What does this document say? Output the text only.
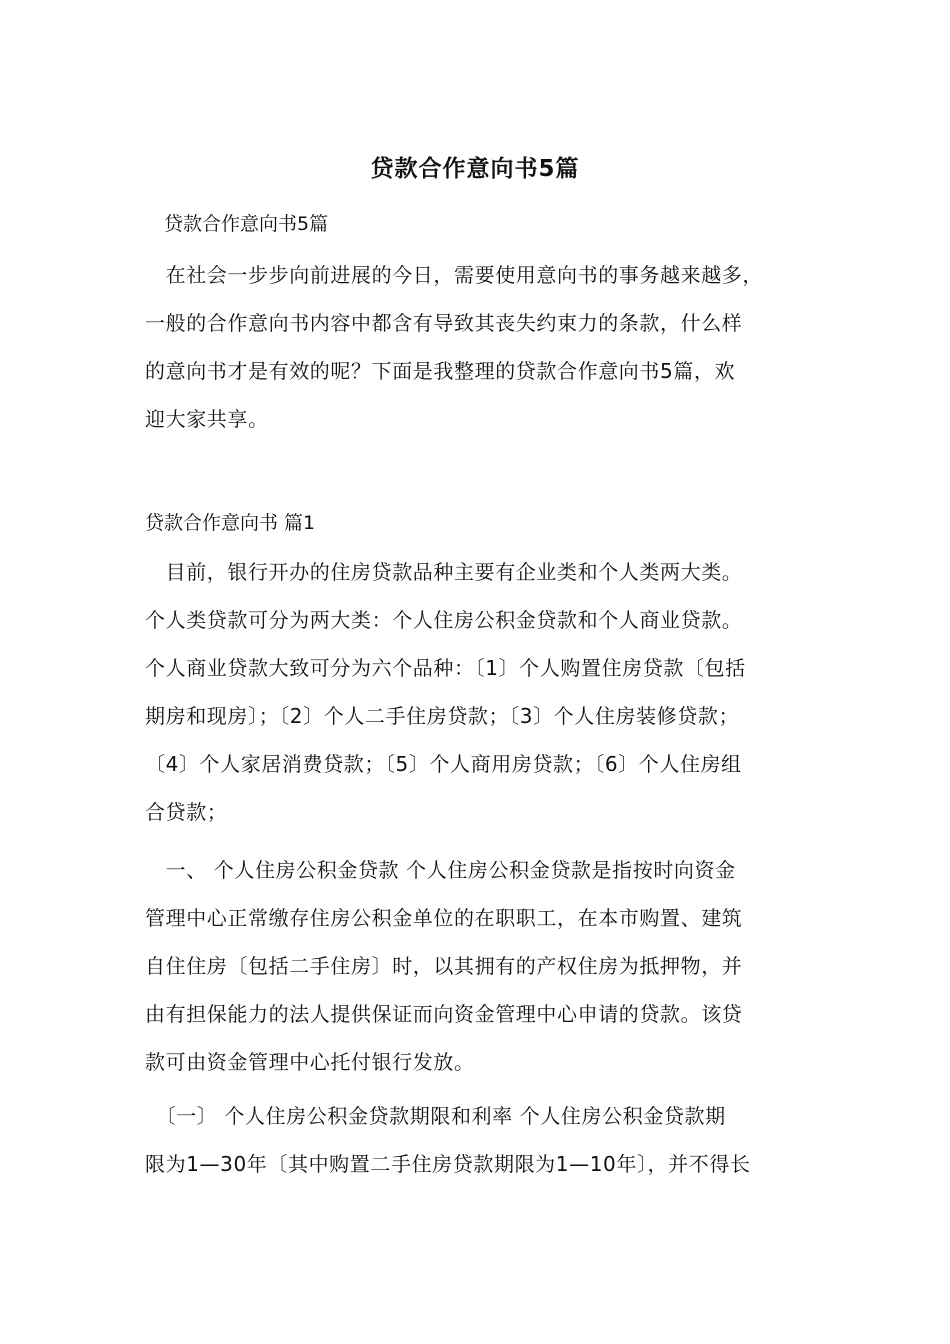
贷款合作意向书5篇
贷款合作意向书5篇
　在社会一步步向前进展的今日，需要使用意向书的事务越来越多，
一般的合作意向书内容中都含有导致其丧失约束力的条款，什么样
的意向书才是有效的呢？下面是我整理的贷款合作意向书5篇，欢
迎大家共享。
贷款合作意向书 篇1
　目前，银行开办的住房贷款品种主要有企业类和个人类两大类。
个人类贷款可分为两大类：个人住房公积金贷款和个人商业贷款。
个人商业贷款大致可分为六个品种：〔1〕个人购置住房贷款〔包括
期房和现房〕；〔2〕个人二手住房贷款；〔3〕个人住房装修贷款；
〔4〕个人家居消费贷款；〔5〕个人商用房贷款；〔6〕个人住房组
合贷款；
　一、 个人住房公积金贷款 个人住房公积金贷款是指按时向资金
管理中心正常缴存住房公积金单位的在职职工，在本市购置、建筑
自住住房〔包括二手住房〕时，以其拥有的产权住房为抵押物，并
由有担保能力的法人提供保证而向资金管理中心申请的贷款。该贷
款可由资金管理中心托付银行发放。
　〔一〕 个人住房公积金贷款期限和利率 个人住房公积金贷款期
限为1—30年〔其中购置二手住房贷款期限为1—10年〕，并不得长
